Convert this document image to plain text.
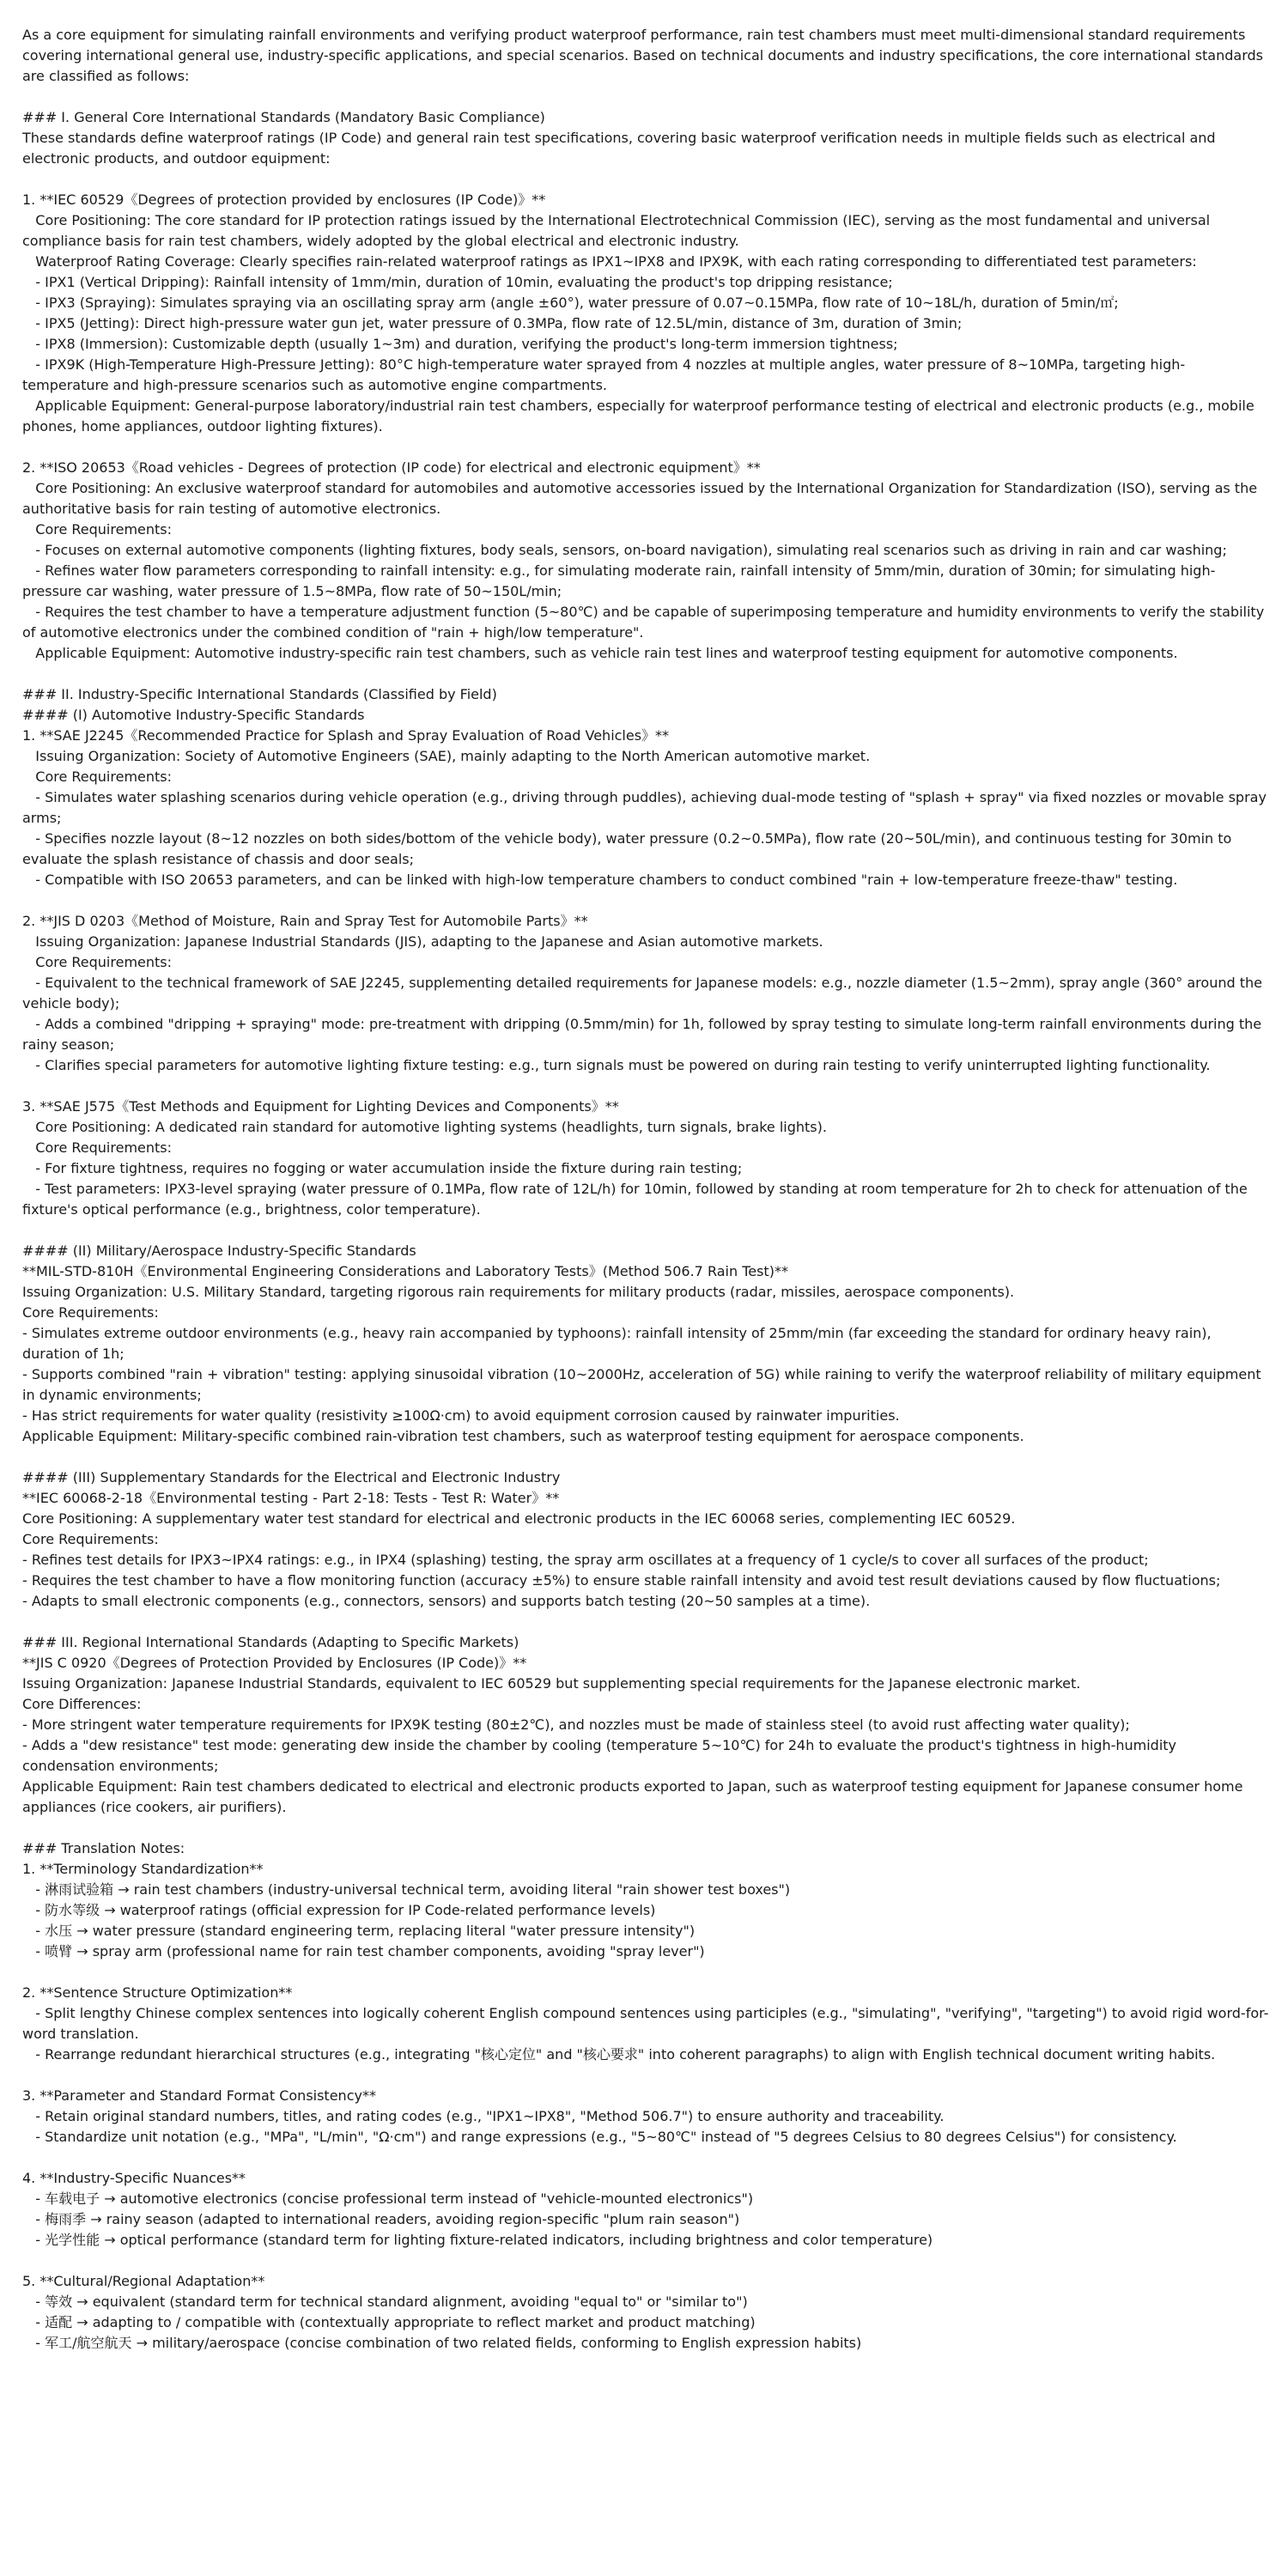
As a core equipment for simulating rainfall environments and verifying product waterproof performance, rain test chambers must meet multi-dimensional standard requirements covering international general use, industry-specific applications, and special scenarios. Based on technical documents and industry specifications, the core international standards are classified as follows:
### I. General Core International Standards (Mandatory Basic Compliance)
These standards define waterproof ratings (IP Code) and general rain test specifications, covering basic waterproof verification needs in multiple fields such as electrical and electronic products, and outdoor equipment:
1. **IEC 60529《Degrees of protection provided by enclosures (IP Code)》**
Core Positioning: The core standard for IP protection ratings issued by the International Electrotechnical Commission (IEC), serving as the most fundamental and universal compliance basis for rain test chambers, widely adopted by the global electrical and electronic industry.
Waterproof Rating Coverage: Clearly specifies rain-related waterproof ratings as IPX1~IPX8 and IPX9K, with each rating corresponding to differentiated test parameters:
- IPX1 (Vertical Dripping): Rainfall intensity of 1mm/min, duration of 10min, evaluating the product's top dripping resistance;
- IPX3 (Spraying): Simulates spraying via an oscillating spray arm (angle ±60°), water pressure of 0.07~0.15MPa, flow rate of 10~18L/h, duration of 5min/㎡;
- IPX5 (Jetting): Direct high-pressure water gun jet, water pressure of 0.3MPa, flow rate of 12.5L/min, distance of 3m, duration of 3min;
- IPX8 (Immersion): Customizable depth (usually 1~3m) and duration, verifying the product's long-term immersion tightness;
- IPX9K (High-Temperature High-Pressure Jetting): 80°C high-temperature water sprayed from 4 nozzles at multiple angles, water pressure of 8~10MPa, targeting high-temperature and high-pressure scenarios such as automotive engine compartments.
Applicable Equipment: General-purpose laboratory/industrial rain test chambers, especially for waterproof performance testing of electrical and electronic products (e.g., mobile phones, home appliances, outdoor lighting fixtures).
2. **ISO 20653《Road vehicles - Degrees of protection (IP code) for electrical and electronic equipment》**
Core Positioning: An exclusive waterproof standard for automobiles and automotive accessories issued by the International Organization for Standardization (ISO), serving as the authoritative basis for rain testing of automotive electronics.
Core Requirements:
- Focuses on external automotive components (lighting fixtures, body seals, sensors, on-board navigation), simulating real scenarios such as driving in rain and car washing;
- Refines water flow parameters corresponding to rainfall intensity: e.g., for simulating moderate rain, rainfall intensity of 5mm/min, duration of 30min; for simulating high-pressure car washing, water pressure of 1.5~8MPa, flow rate of 50~150L/min;
- Requires the test chamber to have a temperature adjustment function (5~80℃) and be capable of superimposing temperature and humidity environments to verify the stability of automotive electronics under the combined condition of "rain + high/low temperature".
Applicable Equipment: Automotive industry-specific rain test chambers, such as vehicle rain test lines and waterproof testing equipment for automotive components.
### II. Industry-Specific International Standards (Classified by Field)
#### (I) Automotive Industry-Specific Standards
1. **SAE J2245《Recommended Practice for Splash and Spray Evaluation of Road Vehicles》**
Issuing Organization: Society of Automotive Engineers (SAE), mainly adapting to the North American automotive market.
Core Requirements:
- Simulates water splashing scenarios during vehicle operation (e.g., driving through puddles), achieving dual-mode testing of "splash + spray" via fixed nozzles or movable spray arms;
- Specifies nozzle layout (8~12 nozzles on both sides/bottom of the vehicle body), water pressure (0.2~0.5MPa), flow rate (20~50L/min), and continuous testing for 30min to evaluate the splash resistance of chassis and door seals;
- Compatible with ISO 20653 parameters, and can be linked with high-low temperature chambers to conduct combined "rain + low-temperature freeze-thaw" testing.
2. **JIS D 0203《Method of Moisture, Rain and Spray Test for Automobile Parts》**
Issuing Organization: Japanese Industrial Standards (JIS), adapting to the Japanese and Asian automotive markets.
Core Requirements:
- Equivalent to the technical framework of SAE J2245, supplementing detailed requirements for Japanese models: e.g., nozzle diameter (1.5~2mm), spray angle (360° around the vehicle body);
- Adds a combined "dripping + spraying" mode: pre-treatment with dripping (0.5mm/min) for 1h, followed by spray testing to simulate long-term rainfall environments during the rainy season;
- Clarifies special parameters for automotive lighting fixture testing: e.g., turn signals must be powered on during rain testing to verify uninterrupted lighting functionality.
3. **SAE J575《Test Methods and Equipment for Lighting Devices and Components》**
Core Positioning: A dedicated rain standard for automotive lighting systems (headlights, turn signals, brake lights).
Core Requirements:
- For fixture tightness, requires no fogging or water accumulation inside the fixture during rain testing;
- Test parameters: IPX3-level spraying (water pressure of 0.1MPa, flow rate of 12L/h) for 10min, followed by standing at room temperature for 2h to check for attenuation of the fixture's optical performance (e.g., brightness, color temperature).
#### (II) Military/Aerospace Industry-Specific Standards
**MIL-STD-810H《Environmental Engineering Considerations and Laboratory Tests》(Method 506.7 Rain Test)**
Issuing Organization: U.S. Military Standard, targeting rigorous rain requirements for military products (radar, missiles, aerospace components).
Core Requirements:
- Simulates extreme outdoor environments (e.g., heavy rain accompanied by typhoons): rainfall intensity of 25mm/min (far exceeding the standard for ordinary heavy rain), duration of 1h;
- Supports combined "rain + vibration" testing: applying sinusoidal vibration (10~2000Hz, acceleration of 5G) while raining to verify the waterproof reliability of military equipment in dynamic environments;
- Has strict requirements for water quality (resistivity ≥100Ω·cm) to avoid equipment corrosion caused by rainwater impurities.
Applicable Equipment: Military-specific combined rain-vibration test chambers, such as waterproof testing equipment for aerospace components.
#### (III) Supplementary Standards for the Electrical and Electronic Industry
**IEC 60068-2-18《Environmental testing - Part 2-18: Tests - Test R: Water》**
Core Positioning: A supplementary water test standard for electrical and electronic products in the IEC 60068 series, complementing IEC 60529.
Core Requirements:
- Refines test details for IPX3~IPX4 ratings: e.g., in IPX4 (splashing) testing, the spray arm oscillates at a frequency of 1 cycle/s to cover all surfaces of the product;
- Requires the test chamber to have a flow monitoring function (accuracy ±5%) to ensure stable rainfall intensity and avoid test result deviations caused by flow fluctuations;
- Adapts to small electronic components (e.g., connectors, sensors) and supports batch testing (20~50 samples at a time).
### III. Regional International Standards (Adapting to Specific Markets)
**JIS C 0920《Degrees of Protection Provided by Enclosures (IP Code)》**
Issuing Organization: Japanese Industrial Standards, equivalent to IEC 60529 but supplementing special requirements for the Japanese electronic market.
Core Differences:
- More stringent water temperature requirements for IPX9K testing (80±2℃), and nozzles must be made of stainless steel (to avoid rust affecting water quality);
- Adds a "dew resistance" test mode: generating dew inside the chamber by cooling (temperature 5~10℃) for 24h to evaluate the product's tightness in high-humidity condensation environments;
Applicable Equipment: Rain test chambers dedicated to electrical and electronic products exported to Japan, such as waterproof testing equipment for Japanese consumer home appliances (rice cookers, air purifiers).
### Translation Notes:
1. **Terminology Standardization**
- 淋雨试验箱 → rain test chambers (industry-universal technical term, avoiding literal "rain shower test boxes")
- 防水等级 → waterproof ratings (official expression for IP Code-related performance levels)
- 水压 → water pressure (standard engineering term, replacing literal "water pressure intensity")
- 喷臂 → spray arm (professional name for rain test chamber components, avoiding "spray lever")
2. **Sentence Structure Optimization**
- Split lengthy Chinese complex sentences into logically coherent English compound sentences using participles (e.g., "simulating", "verifying", "targeting") to avoid rigid word-for-word translation.
- Rearrange redundant hierarchical structures (e.g., integrating "核心定位" and "核心要求" into coherent paragraphs) to align with English technical document writing habits.
3. **Parameter and Standard Format Consistency**
- Retain original standard numbers, titles, and rating codes (e.g., "IPX1~IPX8", "Method 506.7") to ensure authority and traceability.
- Standardize unit notation (e.g., "MPa", "L/min", "Ω·cm") and range expressions (e.g., "5~80℃" instead of "5 degrees Celsius to 80 degrees Celsius") for consistency.
4. **Industry-Specific Nuances**
- 车载电子 → automotive electronics (concise professional term instead of "vehicle-mounted electronics")
- 梅雨季 → rainy season (adapted to international readers, avoiding region-specific "plum rain season")
- 光学性能 → optical performance (standard term for lighting fixture-related indicators, including brightness and color temperature)
5. **Cultural/Regional Adaptation**
- 等效 → equivalent (standard term for technical standard alignment, avoiding "equal to" or "similar to")
- 适配 → adapting to / compatible with (contextually appropriate to reflect market and product matching)
- 军工/航空航天 → military/aerospace (concise combination of two related fields, conforming to English expression habits)
